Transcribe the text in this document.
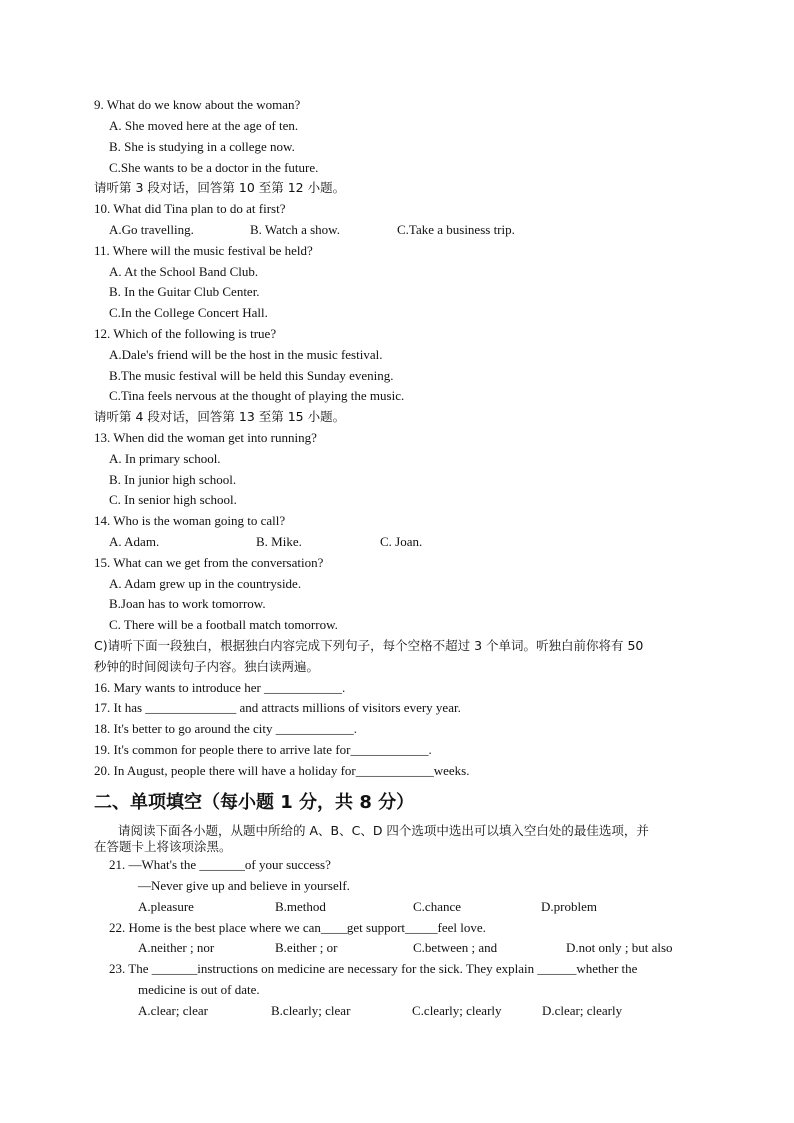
9. What do we know about the woman?
A. She moved here at the age of ten.
B. She is studying in a college now.
C.She wants to be a doctor in the future.
请听第 3 段对话，回答第 10 至第 12 小题。
10. What did Tina plan to do at first?
A.Go travelling.	B. Watch a show.	C.Take a business trip.
11. Where will the music festival be held?
A. At the School Band Club.
B. In the Guitar Club Center.
C.In the College Concert Hall.
12. Which of the following is true?
A.Dale's friend will be the host in the music festival.
B.The music festival will be held this Sunday evening.
C.Tina feels nervous at the thought of playing the music.
请听第 4 段对话，回答第 13 至第 15 小题。
13. When did the woman get into running?
A. In primary school.
B. In junior high school.
C. In senior high school.
14. Who is the woman going to call?
A. Adam.	B. Mike.	C. Joan.
15. What can we get from the conversation?
A. Adam grew up in the countryside.
B.Joan has to work tomorrow.
C. There will be a football match tomorrow.
C)请听下面一段独白，根据独白内容完成下列句子，每个空格不超过 3 个单词。听独白前你将有 50
秒钟的时间阅读句子内容。独白读两遍。
16. Mary wants to introduce her ____________.
17. It has ______________ and attracts millions of visitors every year.
18. It's better to go around the city ____________.
19. It's common for people there to arrive late for____________.
20. In August, people there will have a holiday for____________weeks.
二、单项填空（每小题 1 分，共 8 分）
请阅读下面各小题，从题中所给的 A、B、C、D 四个选项中选出可以填入空白处的最佳选项，并
在答题卡上将该项涂黑。
21. —What's the _______of your success?
—Never give up and believe in yourself.
A.pleasure	B.method	C.chance	D.problem
22. Home is the best place where we can____get support_____feel love.
A.neither ; nor	B.either ; or	C.between ; and	D.not only ; but also
23. The _______instructions on medicine are necessary for the sick. They explain ______whether the
medicine is out of date.
A.clear; clear	B.clearly; clear	C.clearly; clearly	D.clear; clearly
